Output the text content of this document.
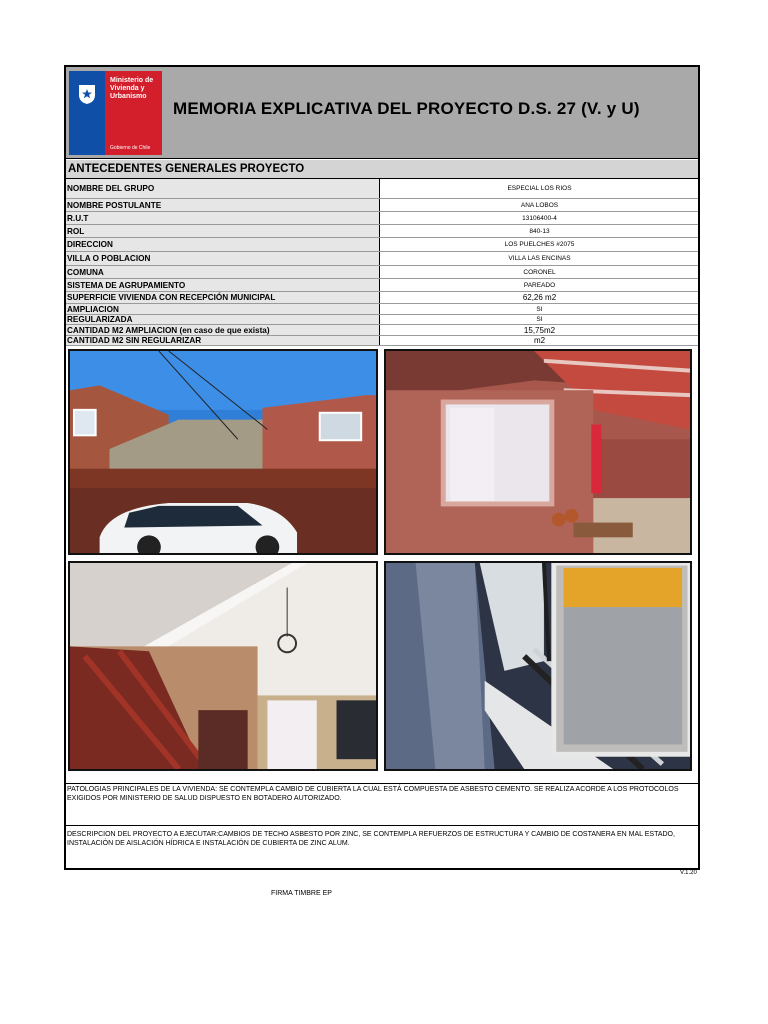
Ministerio de
Vivienda y
Urbanismo
Gobierno de Chile
MEMORIA EXPLICATIVA DEL PROYECTO D.S. 27 (V. y U)
ANTECEDENTES GENERALES PROYECTO
NOMBRE DEL GRUPO	ESPECIAL LOS RIOS
NOMBRE POSTULANTE	ANA LOBOS
R.U.T	13106400-4
ROL	840-13
DIRECCION	LOS PUELCHES #2075
VILLA O POBLACION	VILLA LAS ENCINAS
COMUNA	CORONEL
SISTEMA DE AGRUPAMIENTO	PAREADO
SUPERFICIE VIVIENDA CON RECEPCIÓN MUNICIPAL	62,26 m2
AMPLIACION	SI
REGULARIZADA	SI
CANTIDAD M2 AMPLIACION (en caso de que exista)	15,75m2
CANTIDAD M2 SIN REGULARIZAR	m2
PATOLOGIAS PRINCIPALES DE LA VIVIENDA: SE CONTEMPLA CAMBIO DE CUBIERTA LA CUAL ESTÁ COMPUESTA DE ASBESTO CEMENTO. SE REALIZA ACORDE A LOS PROTOCOLOS EXIGIDOS POR MINISTERIO DE SALUD DISPUESTO EN BOTADERO AUTORIZADO.
DESCRIPCION DEL PROYECTO A EJECUTAR:CAMBIOS DE TECHO ASBESTO POR ZINC, SE CONTEMPLA REFUERZOS DE ESTRUCTURA Y CAMBIO DE COSTANERA EN MAL ESTADO, INSTALACIÓN DE AISLACIÓN HÍDRICA E INSTALACIÓN DE CUBIERTA DE ZINC ALUM.
V.1.20
FIRMA TIMBRE EP
